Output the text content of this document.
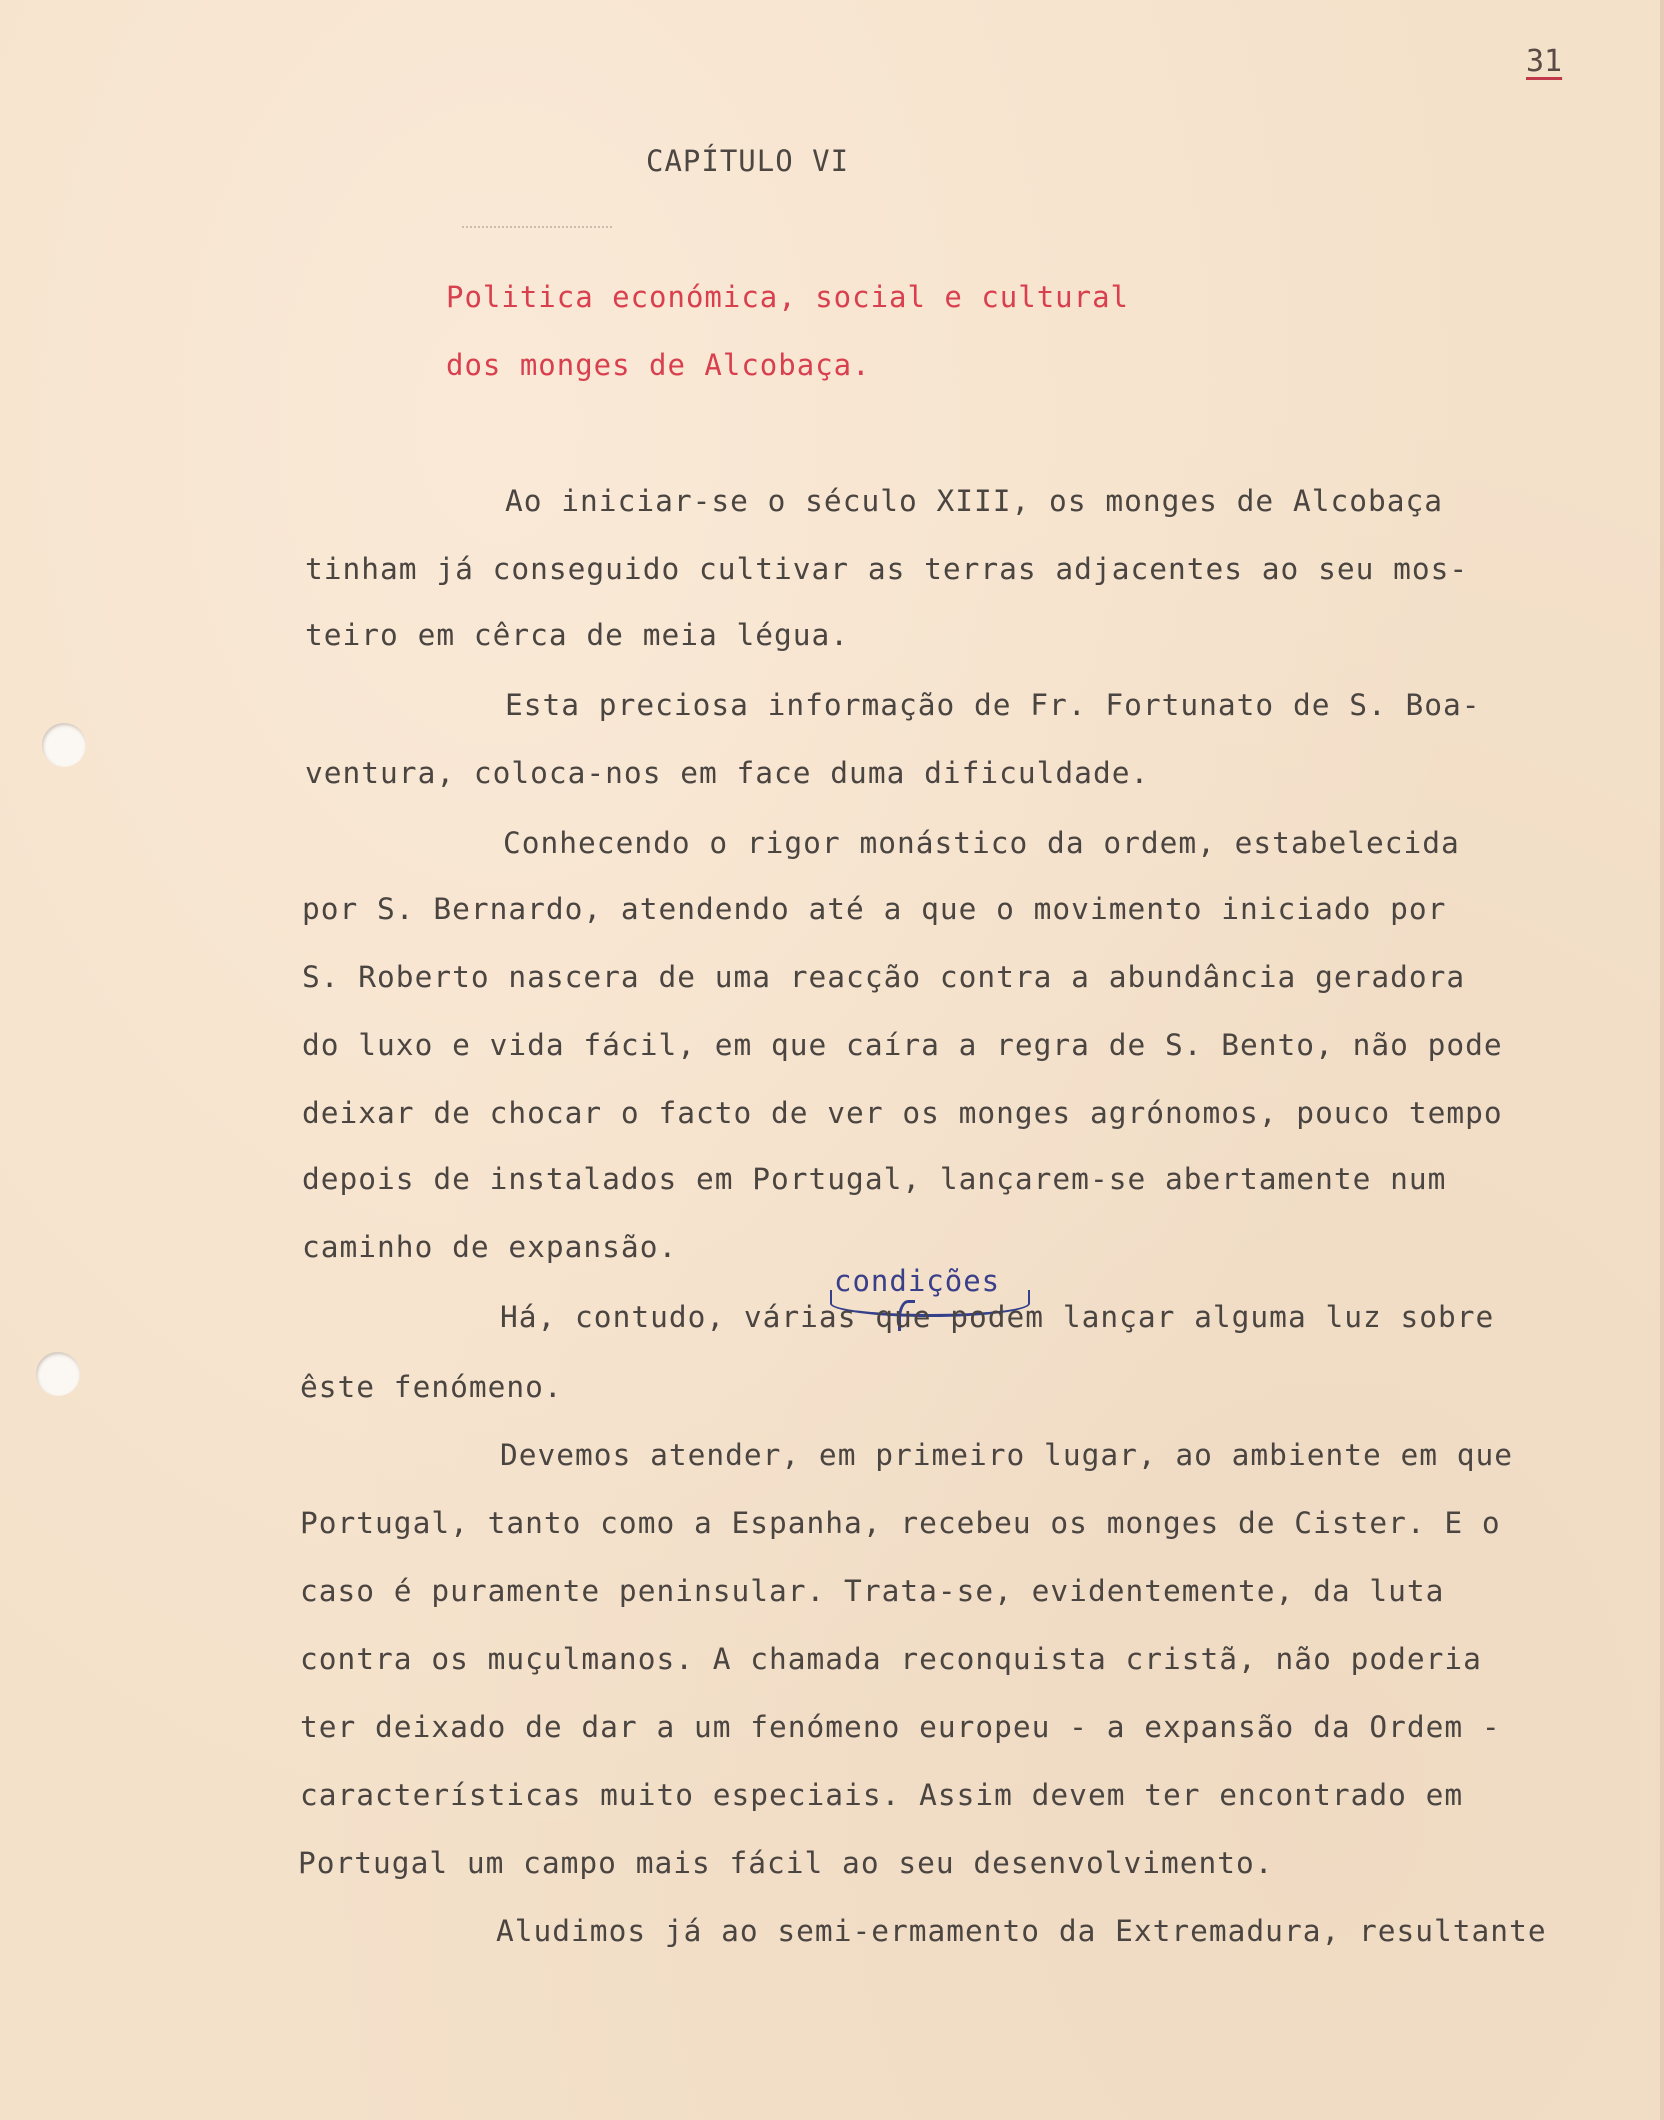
31
CAPÍTULO VI
Politica económica, social e cultural
dos monges de Alcobaça.
Ao iniciar-se o século XIII, os monges de Alcobaça
tinham já conseguido cultivar as terras adjacentes ao seu mos-
teiro em cêrca de meia légua.
Esta preciosa informação de Fr. Fortunato de S. Boa-
ventura, coloca-nos em face duma dificuldade.
Conhecendo o rigor monástico da ordem, estabelecida
por S. Bernardo, atendendo até a que o movimento iniciado por
S. Roberto nascera de uma reacção contra a abundância geradora
do luxo e vida fácil, em que caíra a regra de S. Bento, não pode
deixar de chocar o facto de ver os monges agrónomos, pouco tempo
depois de instalados em Portugal, lançarem-se abertamente num
caminho de expansão.
condições
Há, contudo, várias que podem lançar alguma luz sobre
êste fenómeno.
Devemos atender, em primeiro lugar, ao ambiente em que
Portugal, tanto como a Espanha, recebeu os monges de Cister. E o
caso é puramente peninsular. Trata-se, evidentemente, da luta
contra os muçulmanos. A chamada reconquista cristã, não poderia
ter deixado de dar a um fenómeno europeu - a expansão da Ordem -
características muito especiais. Assim devem ter encontrado em
Portugal um campo mais fácil ao seu desenvolvimento.
Aludimos já ao semi-ermamento da Extremadura, resultante
